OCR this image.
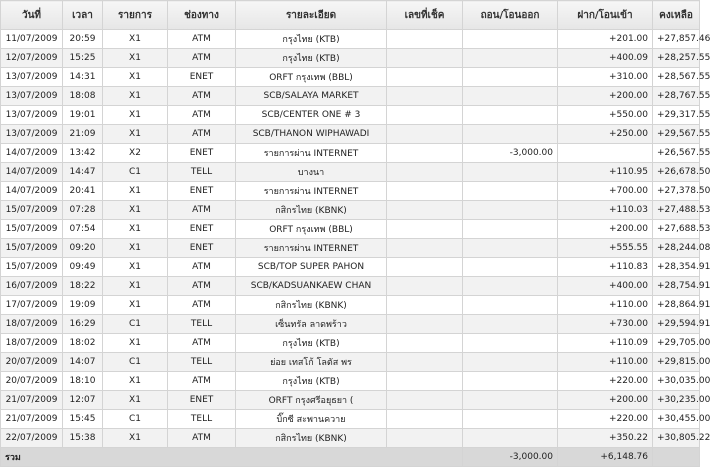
วันที่	เวลา	รายการ	ช่องทาง	รายละเอียด	เลขที่เช็ค	ถอน/โอนออก	ฝาก/โอนเข้า	คงเหลือ
11/07/2009	20:59	X1	ATM	กรุงไทย (KTB)			+201.00	+27,857.46
12/07/2009	15:25	X1	ATM	กรุงไทย (KTB)			+400.09	+28,257.55
13/07/2009	14:31	X1	ENET	ORFT กรุงเทพ (BBL)			+310.00	+28,567.55
13/07/2009	18:08	X1	ATM	SCB/SALAYA MARKET			+200.00	+28,767.55
13/07/2009	19:01	X1	ATM	SCB/CENTER ONE # 3			+550.00	+29,317.55
13/07/2009	21:09	X1	ATM	SCB/THANON WIPHAWADI			+250.00	+29,567.55
14/07/2009	13:42	X2	ENET	รายการผ่าน INTERNET		-3,000.00		+26,567.55
14/07/2009	14:47	C1	TELL	บางนา			+110.95	+26,678.50
14/07/2009	20:41	X1	ENET	รายการผ่าน INTERNET			+700.00	+27,378.50
15/07/2009	07:28	X1	ATM	กสิกรไทย (KBNK)			+110.03	+27,488.53
15/07/2009	07:54	X1	ENET	ORFT กรุงเทพ (BBL)			+200.00	+27,688.53
15/07/2009	09:20	X1	ENET	รายการผ่าน INTERNET			+555.55	+28,244.08
15/07/2009	09:49	X1	ATM	SCB/TOP SUPER PAHON			+110.83	+28,354.91
16/07/2009	18:22	X1	ATM	SCB/KADSUANKAEW CHAN			+400.00	+28,754.91
17/07/2009	19:09	X1	ATM	กสิกรไทย (KBNK)			+110.00	+28,864.91
18/07/2009	16:29	C1	TELL	เซ็นทรัล ลาดพร้าว			+730.00	+29,594.91
18/07/2009	18:02	X1	ATM	กรุงไทย (KTB)			+110.09	+29,705.00
20/07/2009	14:07	C1	TELL	ย่อย เทสโก้ โลตัส พร			+110.00	+29,815.00
20/07/2009	18:10	X1	ATM	กรุงไทย (KTB)			+220.00	+30,035.00
21/07/2009	12:07	X1	ENET	ORFT กรุงศรีอยุธยา (			+200.00	+30,235.00
21/07/2009	15:45	C1	TELL	บิ๊กซี สะพานควาย			+220.00	+30,455.00
22/07/2009	15:38	X1	ATM	กสิกรไทย (KBNK)			+350.22	+30,805.22
รวม						-3,000.00	+6,148.76	
